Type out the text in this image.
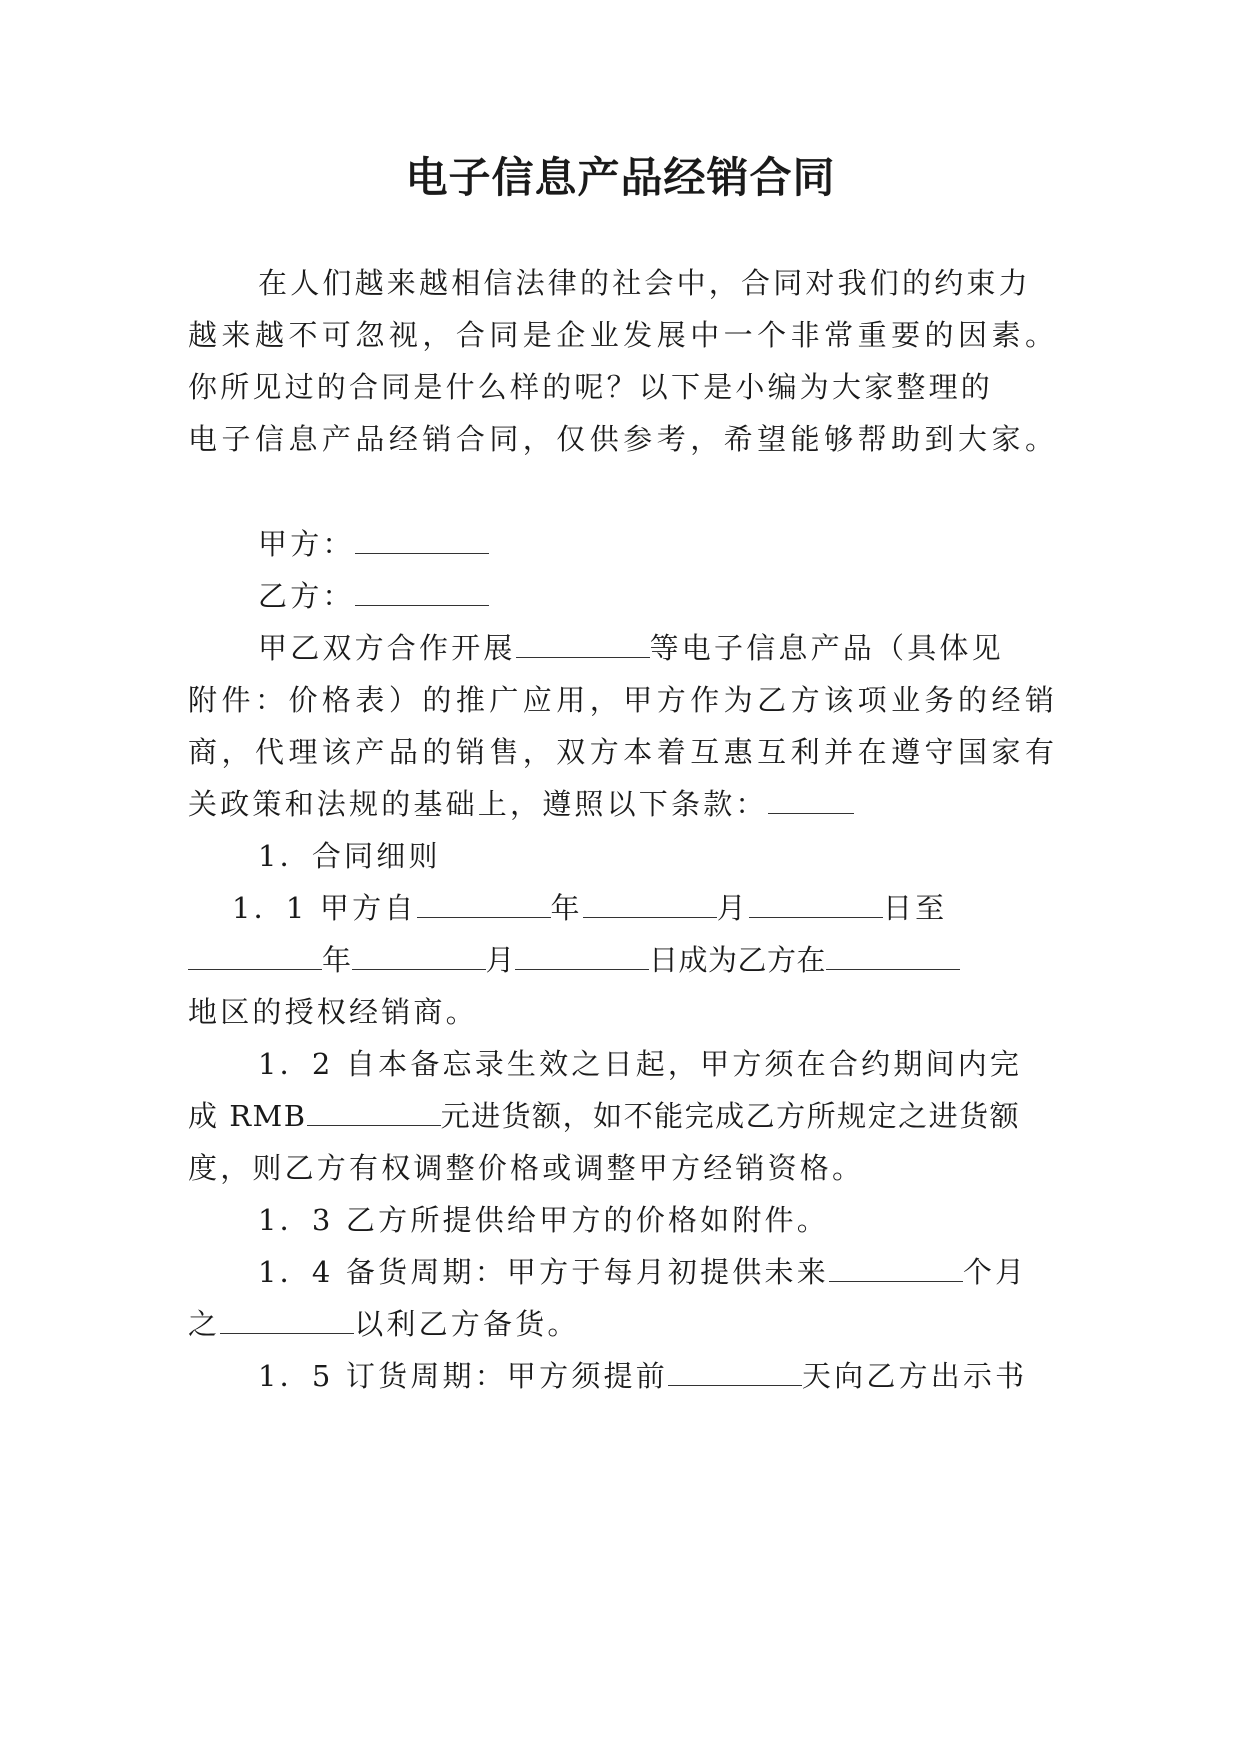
电子信息产品经销合同
在人们越来越相信法律的社会中，合同对我们的约束力
越来越不可忽视，合同是企业发展中一个非常重要的因素。
你所见过的合同是什么样的呢？以下是小编为大家整理的
电子信息产品经销合同，仅供参考，希望能够帮助到大家。
甲方：
乙方：
甲乙双方合作开展	等电子信息产品（具体见
附件：价格表）的推广应用，甲方作为乙方该项业务的经销
商，代理该产品的销售，双方本着互惠互利并在遵守国家有
关政策和法规的基础上，遵照以下条款：
1．合同细则
1．1 甲方自	年	月	日至
年	月	日成为乙方在
地区的授权经销商。
1．2 自本备忘录生效之日起，甲方须在合约期间内完
成 RMB	元进货额，如不能完成乙方所规定之进货额
度，则乙方有权调整价格或调整甲方经销资格。
1．3 乙方所提供给甲方的价格如附件。
1．4 备货周期：甲方于每月初提供未来	个月
之	以利乙方备货。
1．5 订货周期：甲方须提前	天向乙方出示书
